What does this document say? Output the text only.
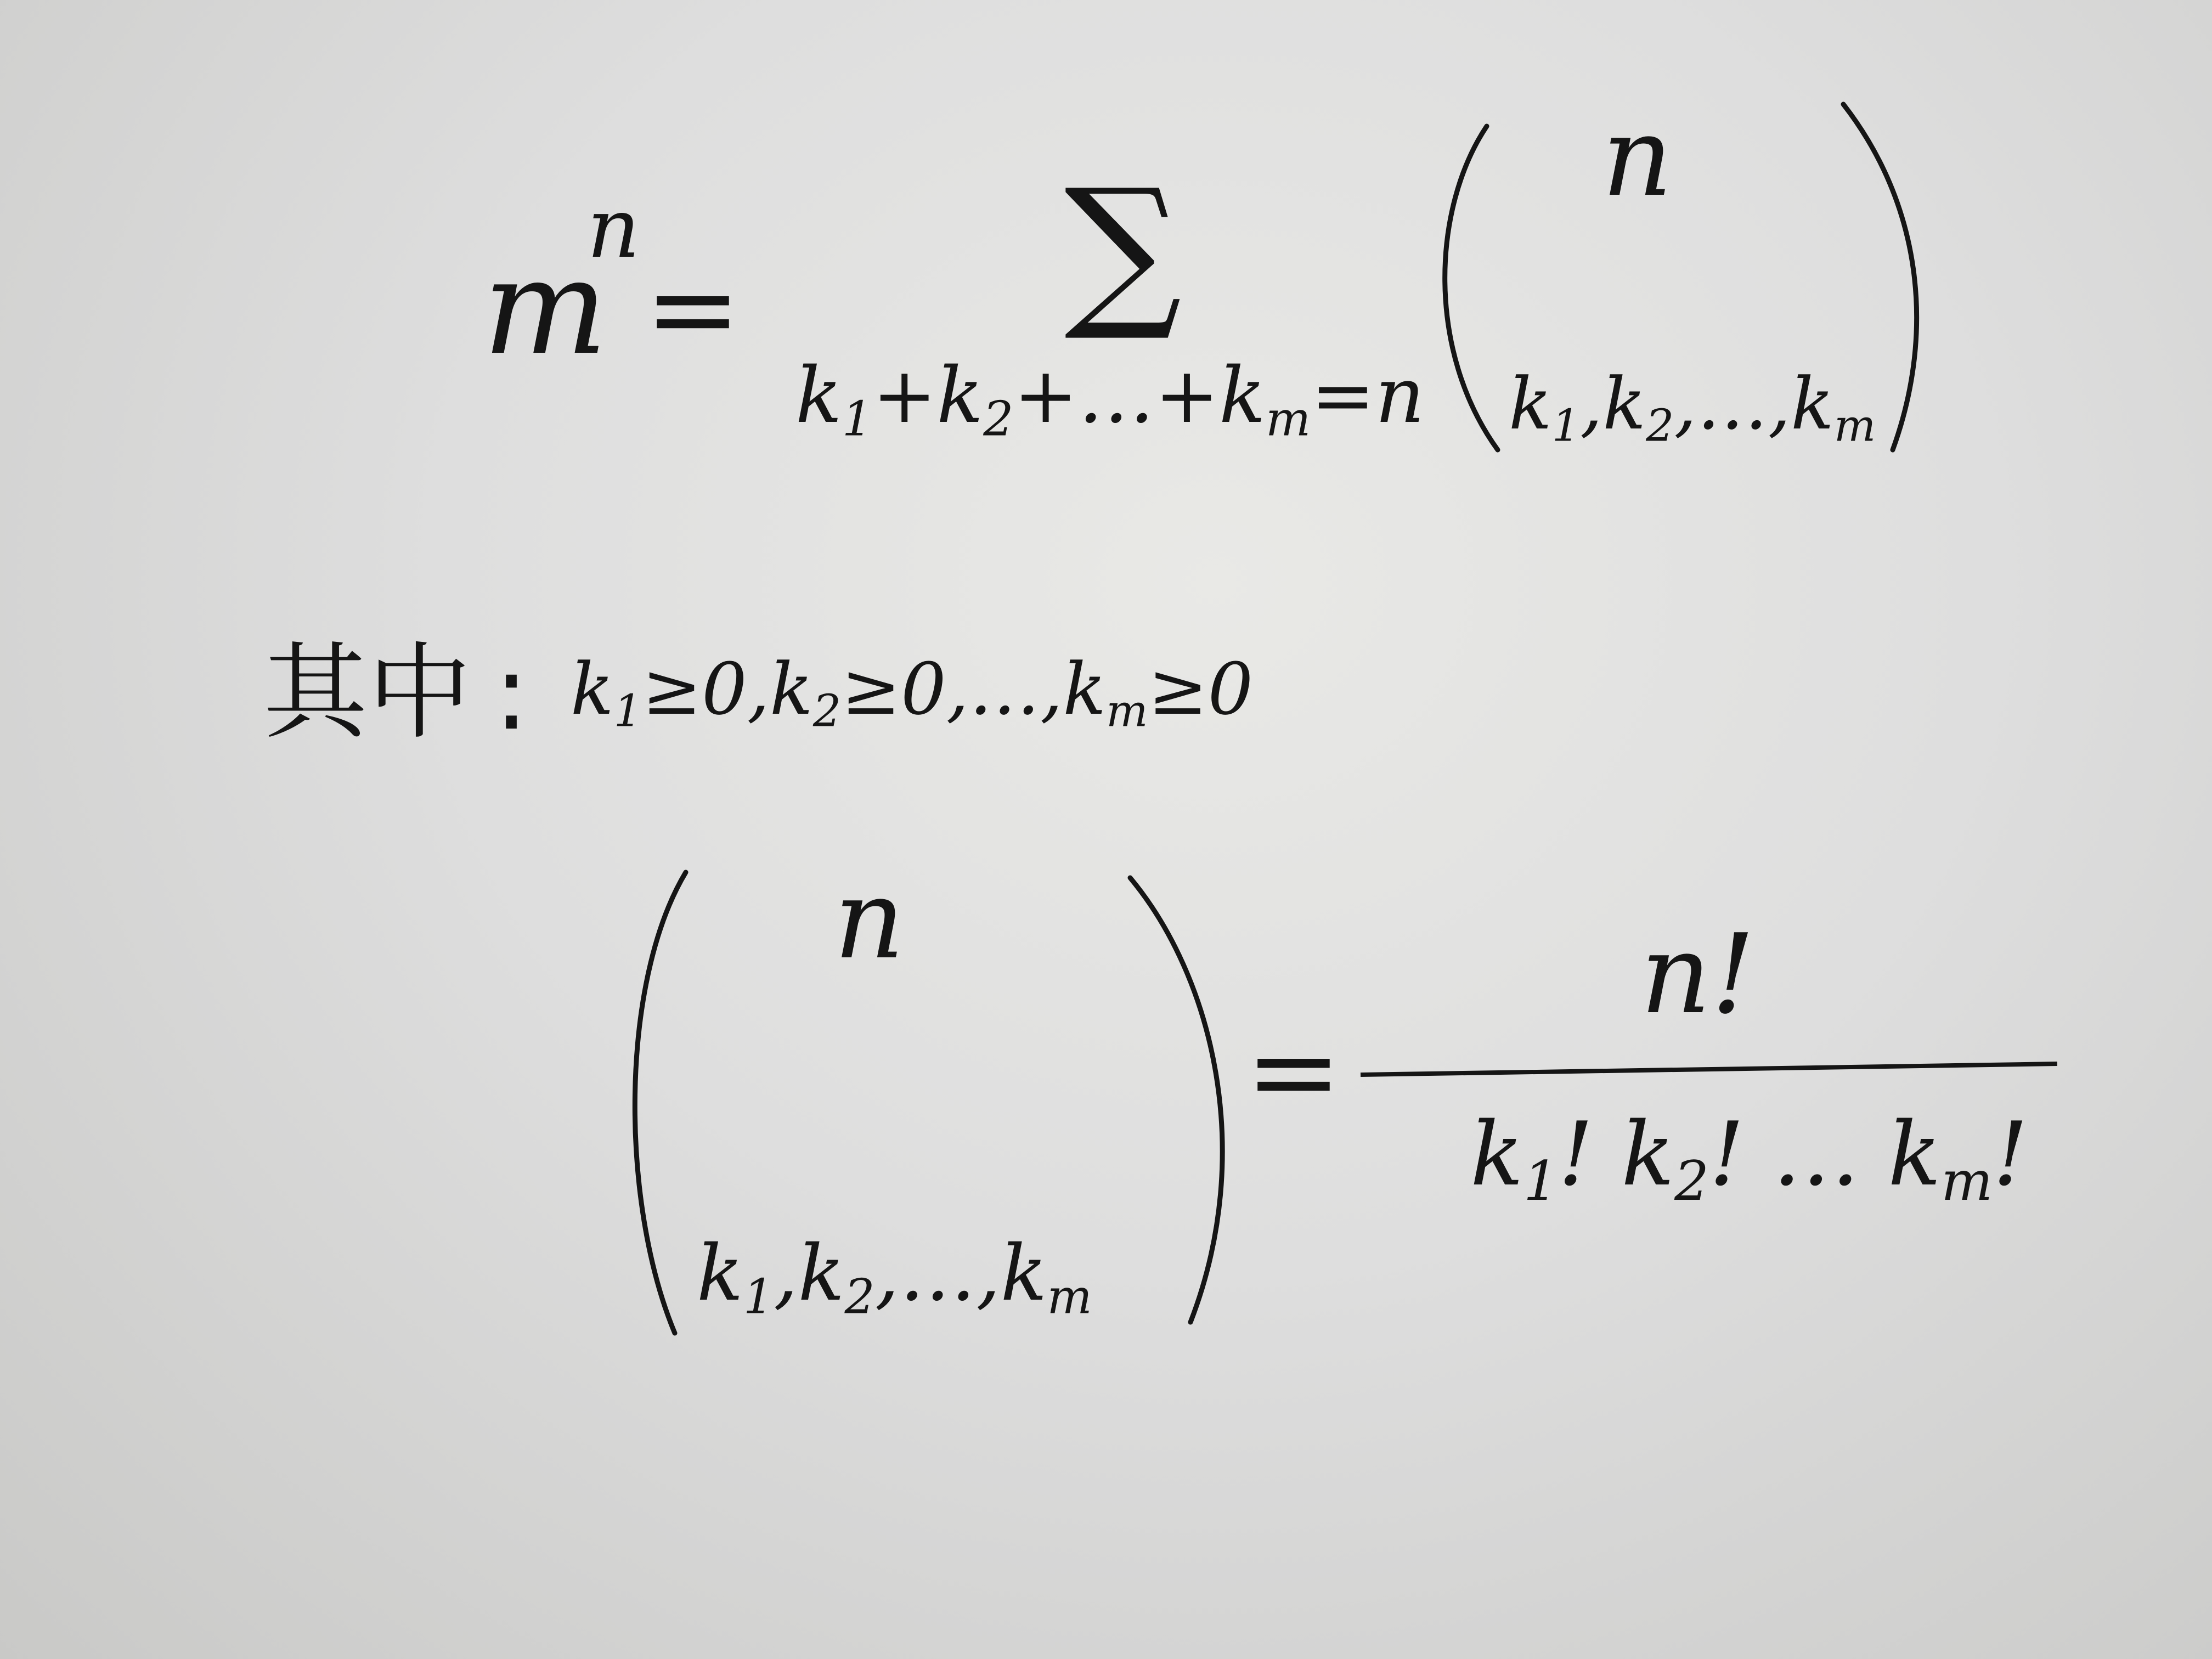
m
n
= ∑
$k_1+k_2+\dots+k_m=n$
n
$k_1,k_2,\dots,k_m$
其中 : $k_1\ge 0,k_2\ge 0,\dots,k_m\ge 0$
n
$k_1,k_2,\dots,k_m$
=
n!
$k_1$! $k_2$! … $k_m$!
